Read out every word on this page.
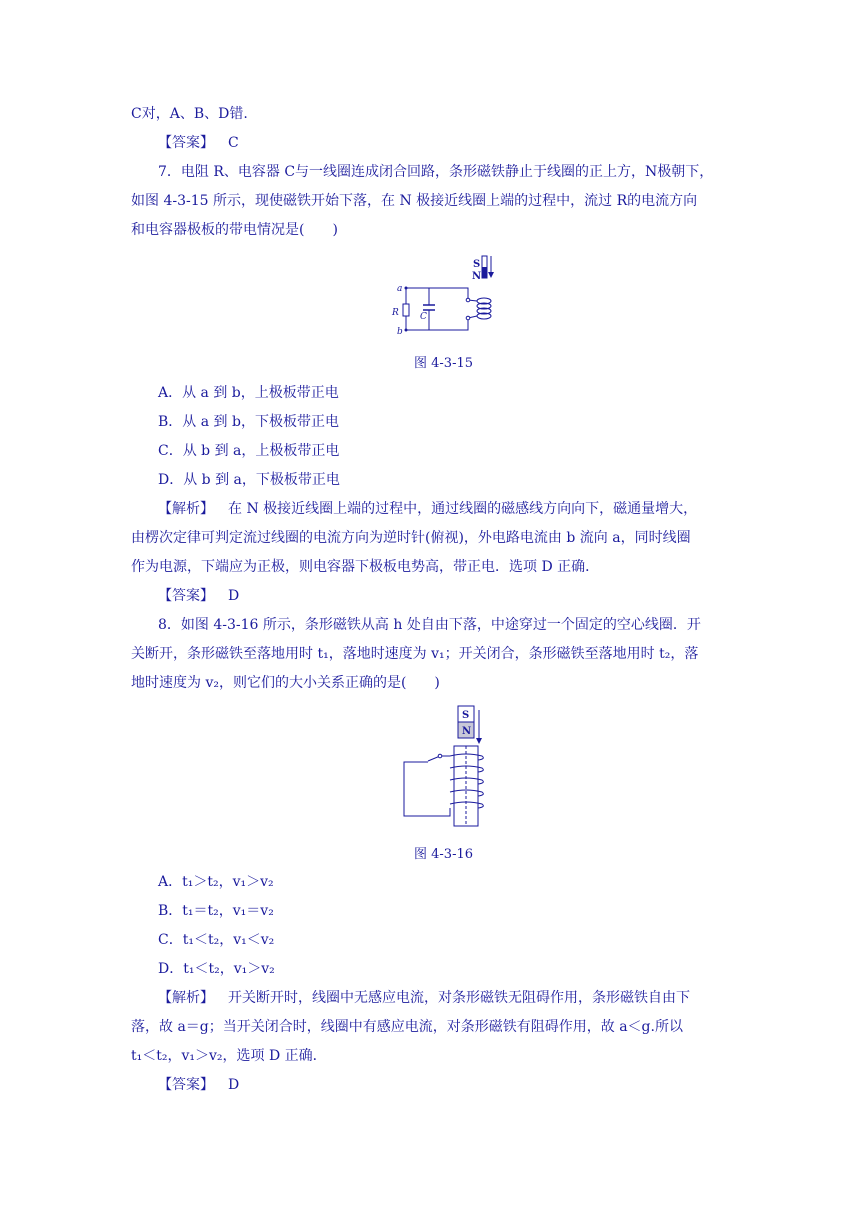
C对，A、B、D错.
【答案】  C
7．电阻 R、电容器 C与一线圈连成闭合回路，条形磁铁静止于线圈的正上方，N极朝下，
如图 4-3-15 所示，现使磁铁开始下落，在 N 极接近线圈上端的过程中，流过 R的电流方向
和电容器极板的带电情况是(　　)
S
N
a
b
R C
图 4-3-15
A．从 a 到 b，上极板带正电
B．从 a 到 b，下极板带正电
C．从 b 到 a，上极板带正电
D．从 b 到 a，下极板带正电
【解析】  在 N 极接近线圈上端的过程中，通过线圈的磁感线方向向下，磁通量增大，
由楞次定律可判定流过线圈的电流方向为逆时针(俯视)，外电路电流由 b 流向 a，同时线圈
作为电源，下端应为正极，则电容器下极板电势高，带正电．选项 D 正确．
【答案】  D
8．如图 4-3-16 所示，条形磁铁从高 h 处自由下落，中途穿过一个固定的空心线圈．开
关断开，条形磁铁至落地用时 t₁，落地时速度为 v₁；开关闭合，条形磁铁至落地用时 t₂，落
地时速度为 v₂，则它们的大小关系正确的是(　　)
S
N
图 4-3-16
A．t₁＞t₂，v₁＞v₂
B．t₁＝t₂，v₁＝v₂
C．t₁＜t₂，v₁＜v₂
D．t₁＜t₂，v₁＞v₂
【解析】  开关断开时，线圈中无感应电流，对条形磁铁无阻碍作用，条形磁铁自由下
落，故 a＝g；当开关闭合时，线圈中有感应电流，对条形磁铁有阻碍作用，故 a＜g.所以
t₁＜t₂，v₁＞v₂，选项 D 正确．
【答案】  D
